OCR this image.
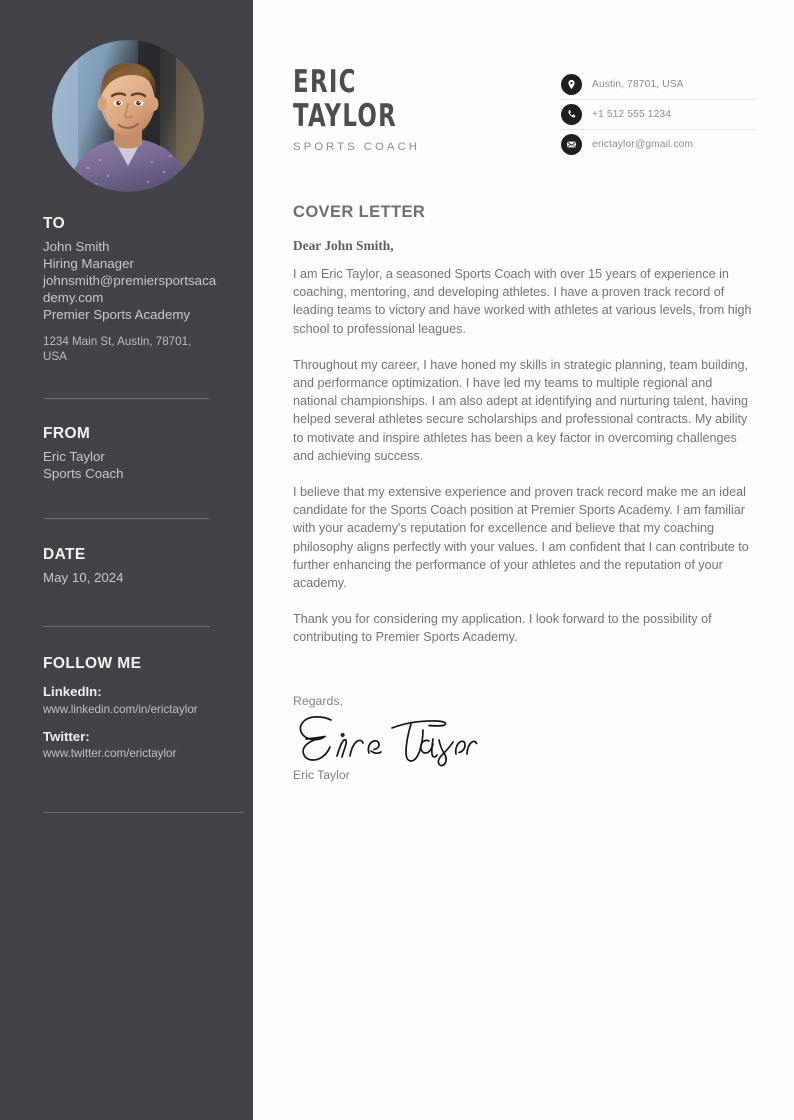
TO

John Smith

Hiring Manager

johnsmith@premiersportsacademy.com

Premier Sports Academy

1234 Main St, Austin, 78701, USA

FROM

Eric Taylor

Sports Coach

DATE

May 10, 2024

FOLLOW ME

LinkedIn:

www.linkedin.com/in/erictaylor

Twitter:

www.twitter.com/erictaylor

ERIC
TAYLOR
SPORTS COACH
Austin, 78701, USA
+1 512 555 1234
erictaylor@gmail.com
COVER LETTER

Dear John Smith,

I am Eric Taylor, a seasoned Sports Coach with over 15 years of experience in coaching, mentoring, and developing athletes. I have a proven track record of leading teams to victory and have worked with athletes at various levels, from high school to professional leagues.

Throughout my career, I have honed my skills in strategic planning, team building, and performance optimization. I have led my teams to multiple regional and national championships. I am also adept at identifying and nurturing talent, having helped several athletes secure scholarships and professional contracts. My ability to motivate and inspire athletes has been a key factor in overcoming challenges and achieving success.

I believe that my extensive experience and proven track record make me an ideal candidate for the Sports Coach position at Premier Sports Academy. I am familiar with your academy's reputation for excellence and believe that my coaching philosophy aligns perfectly with your values. I am confident that I can contribute to further enhancing the performance of your athletes and the reputation of your academy.

Thank you for considering my application. I look forward to the possibility of contributing to Premier Sports Academy.

Regards,

Eric Taylor
